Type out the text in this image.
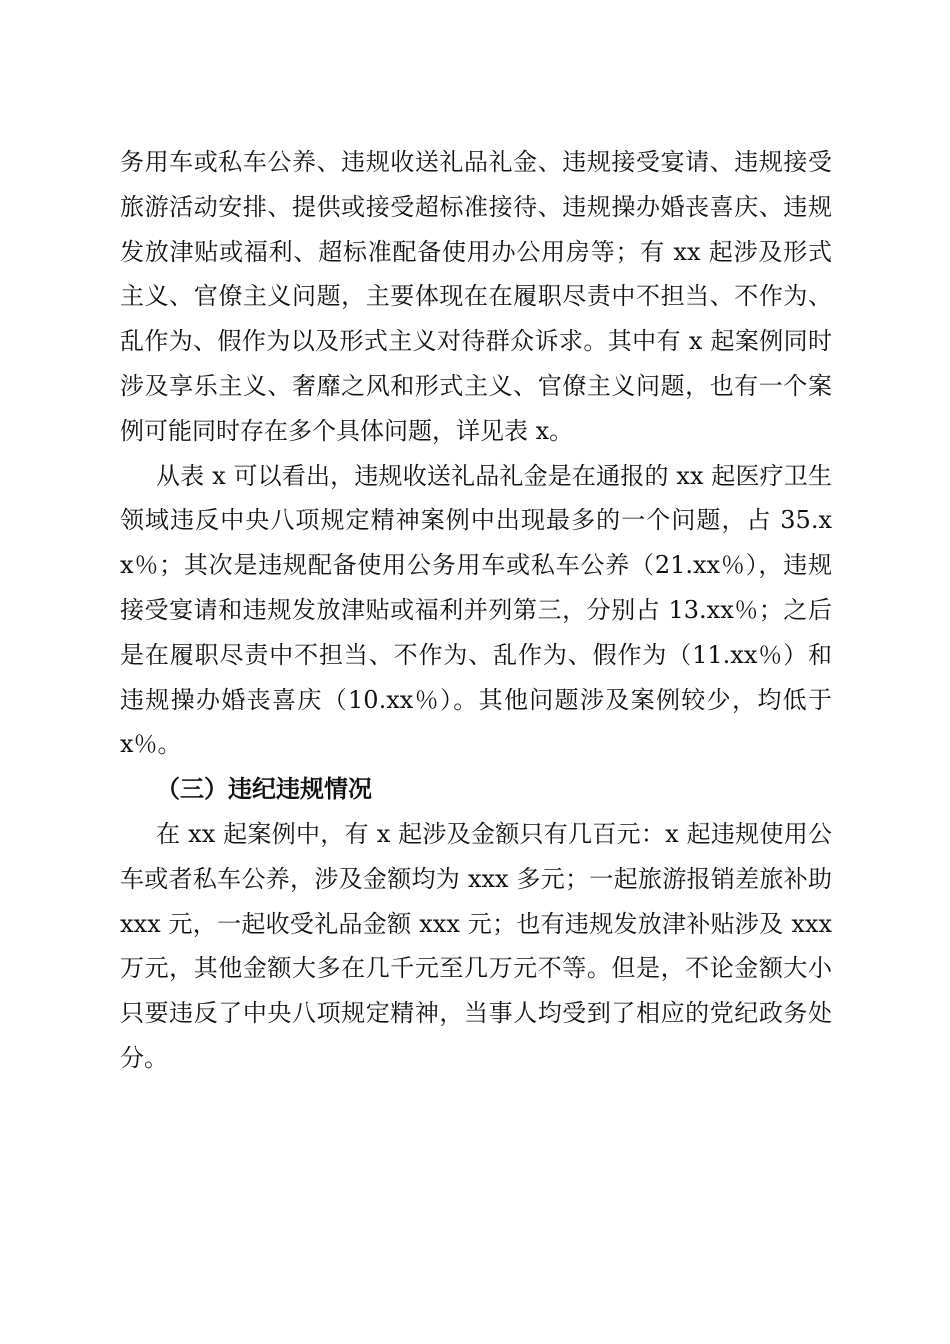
务用车或私车公养、违规收送礼品礼金、违规接受宴请、违规接受旅游活动安排、提供或接受超标准接待、违规操办婚丧喜庆、违规发放津贴或福利、超标准配备使用办公用房等；有 xx 起涉及形式主义、官僚主义问题，主要体现在在履职尽责中不担当、不作为、乱作为、假作为以及形式主义对待群众诉求。其中有 x 起案例同时涉及享乐主义、奢靡之风和形式主义、官僚主义问题，也有一个案例可能同时存在多个具体问题，详见表 x。

从表 x 可以看出，违规收送礼品礼金是在通报的 xx 起医疗卫生领域违反中央八项规定精神案例中出现最多的一个问题，占 35.xx％；其次是违规配备使用公务用车或私车公养（21.xx％），违规接受宴请和违规发放津贴或福利并列第三，分别占 13.xx％；之后是在履职尽责中不担当、不作为、乱作为、假作为（11.xx％）和违规操办婚丧喜庆（10.xx％）。其他问题涉及案例较少，均低于 x％。

（三）违纪违规情况

在 xx 起案例中，有 x 起涉及金额只有几百元：x 起违规使用公车或者私车公养，涉及金额均为 xxx 多元；一起旅游报销差旅补助 xxx 元，一起收受礼品金额 xxx 元；也有违规发放津补贴涉及 xxx 万元，其他金额大多在几千元至几万元不等。但是，不论金额大小只要违反了中央八项规定精神，当事人均受到了相应的党纪政务处分。
